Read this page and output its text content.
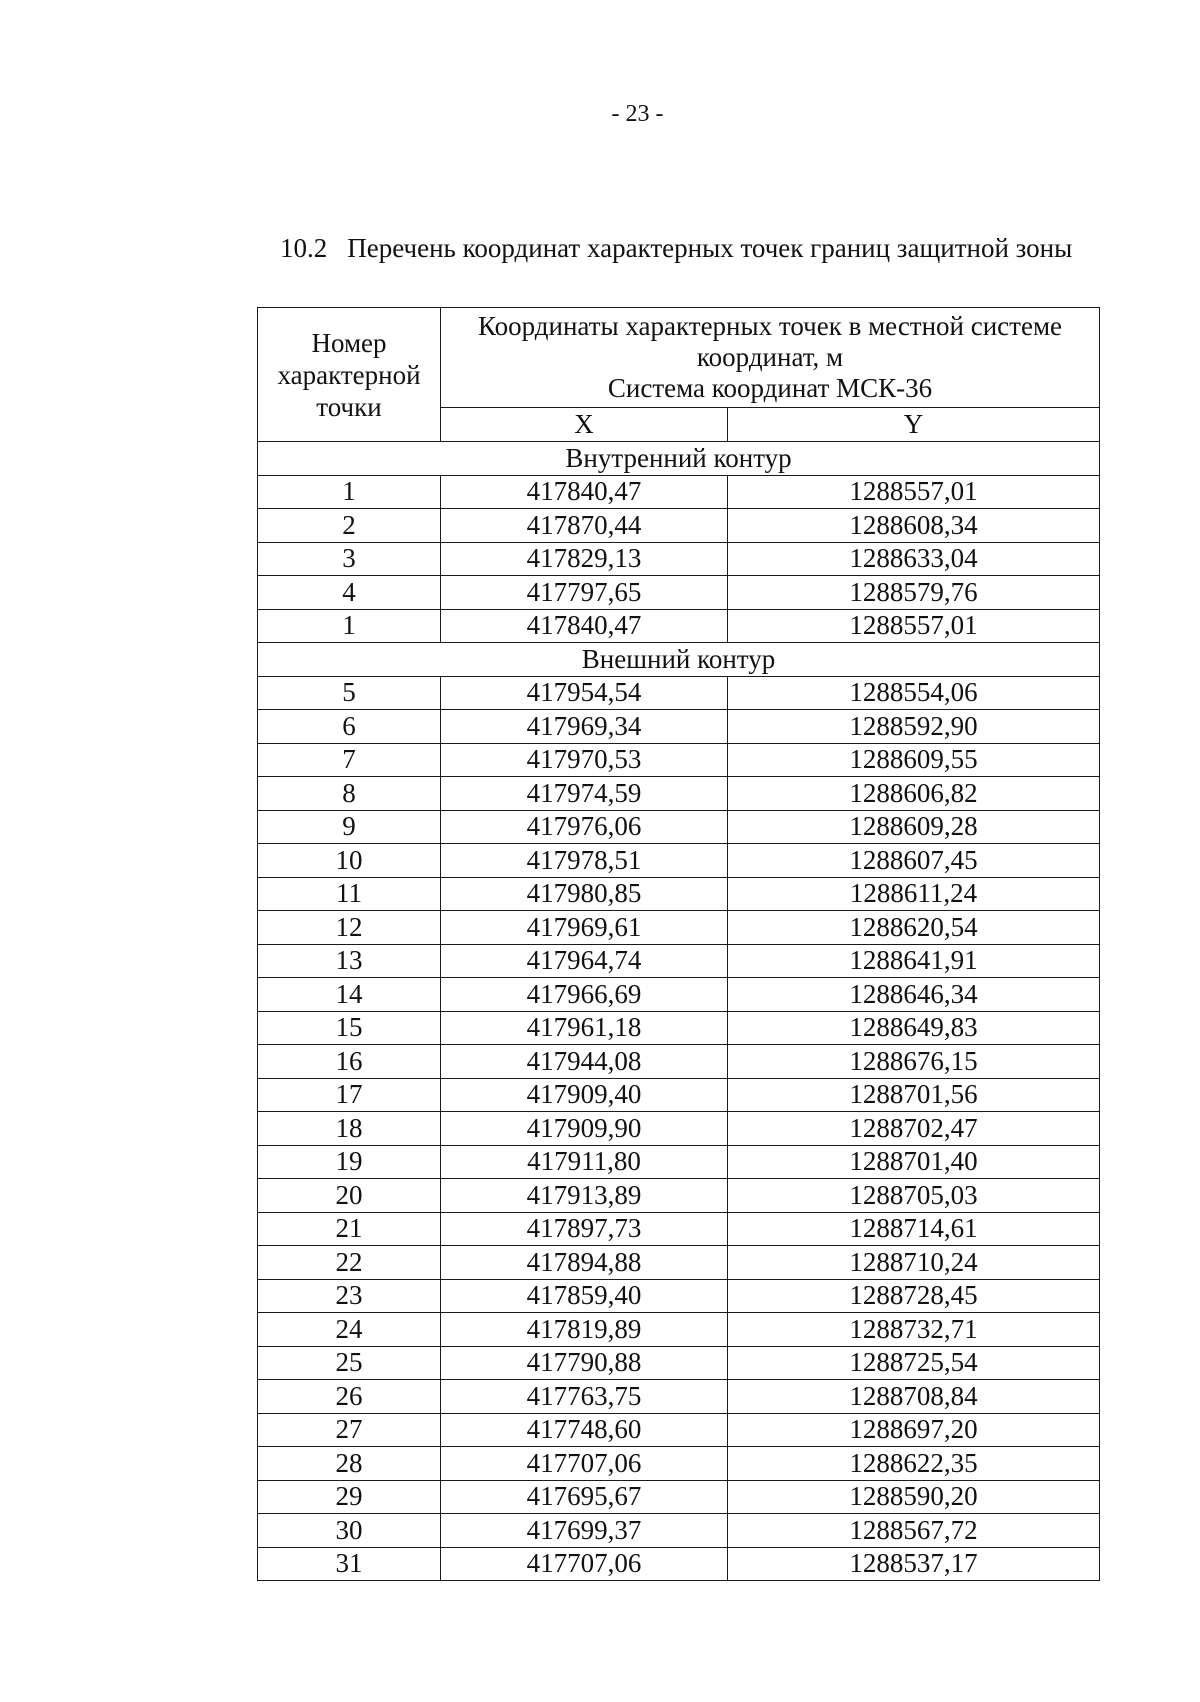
- 23 -
10.2 Перечень координат характерных точек границ защитной зоны
Номер
характерной
точки	Координаты характерных точек в местной системе
координат, м
Система координат МСК-36	
	X	Y
Внутренний контур		
1	417840,47	1288557,01
2	417870,44	1288608,34
3	417829,13	1288633,04
4	417797,65	1288579,76
1	417840,47	1288557,01
Внешний контур		
5	417954,54	1288554,06
6	417969,34	1288592,90
7	417970,53	1288609,55
8	417974,59	1288606,82
9	417976,06	1288609,28
10	417978,51	1288607,45
11	417980,85	1288611,24
12	417969,61	1288620,54
13	417964,74	1288641,91
14	417966,69	1288646,34
15	417961,18	1288649,83
16	417944,08	1288676,15
17	417909,40	1288701,56
18	417909,90	1288702,47
19	417911,80	1288701,40
20	417913,89	1288705,03
21	417897,73	1288714,61
22	417894,88	1288710,24
23	417859,40	1288728,45
24	417819,89	1288732,71
25	417790,88	1288725,54
26	417763,75	1288708,84
27	417748,60	1288697,20
28	417707,06	1288622,35
29	417695,67	1288590,20
30	417699,37	1288567,72
31	417707,06	1288537,17
